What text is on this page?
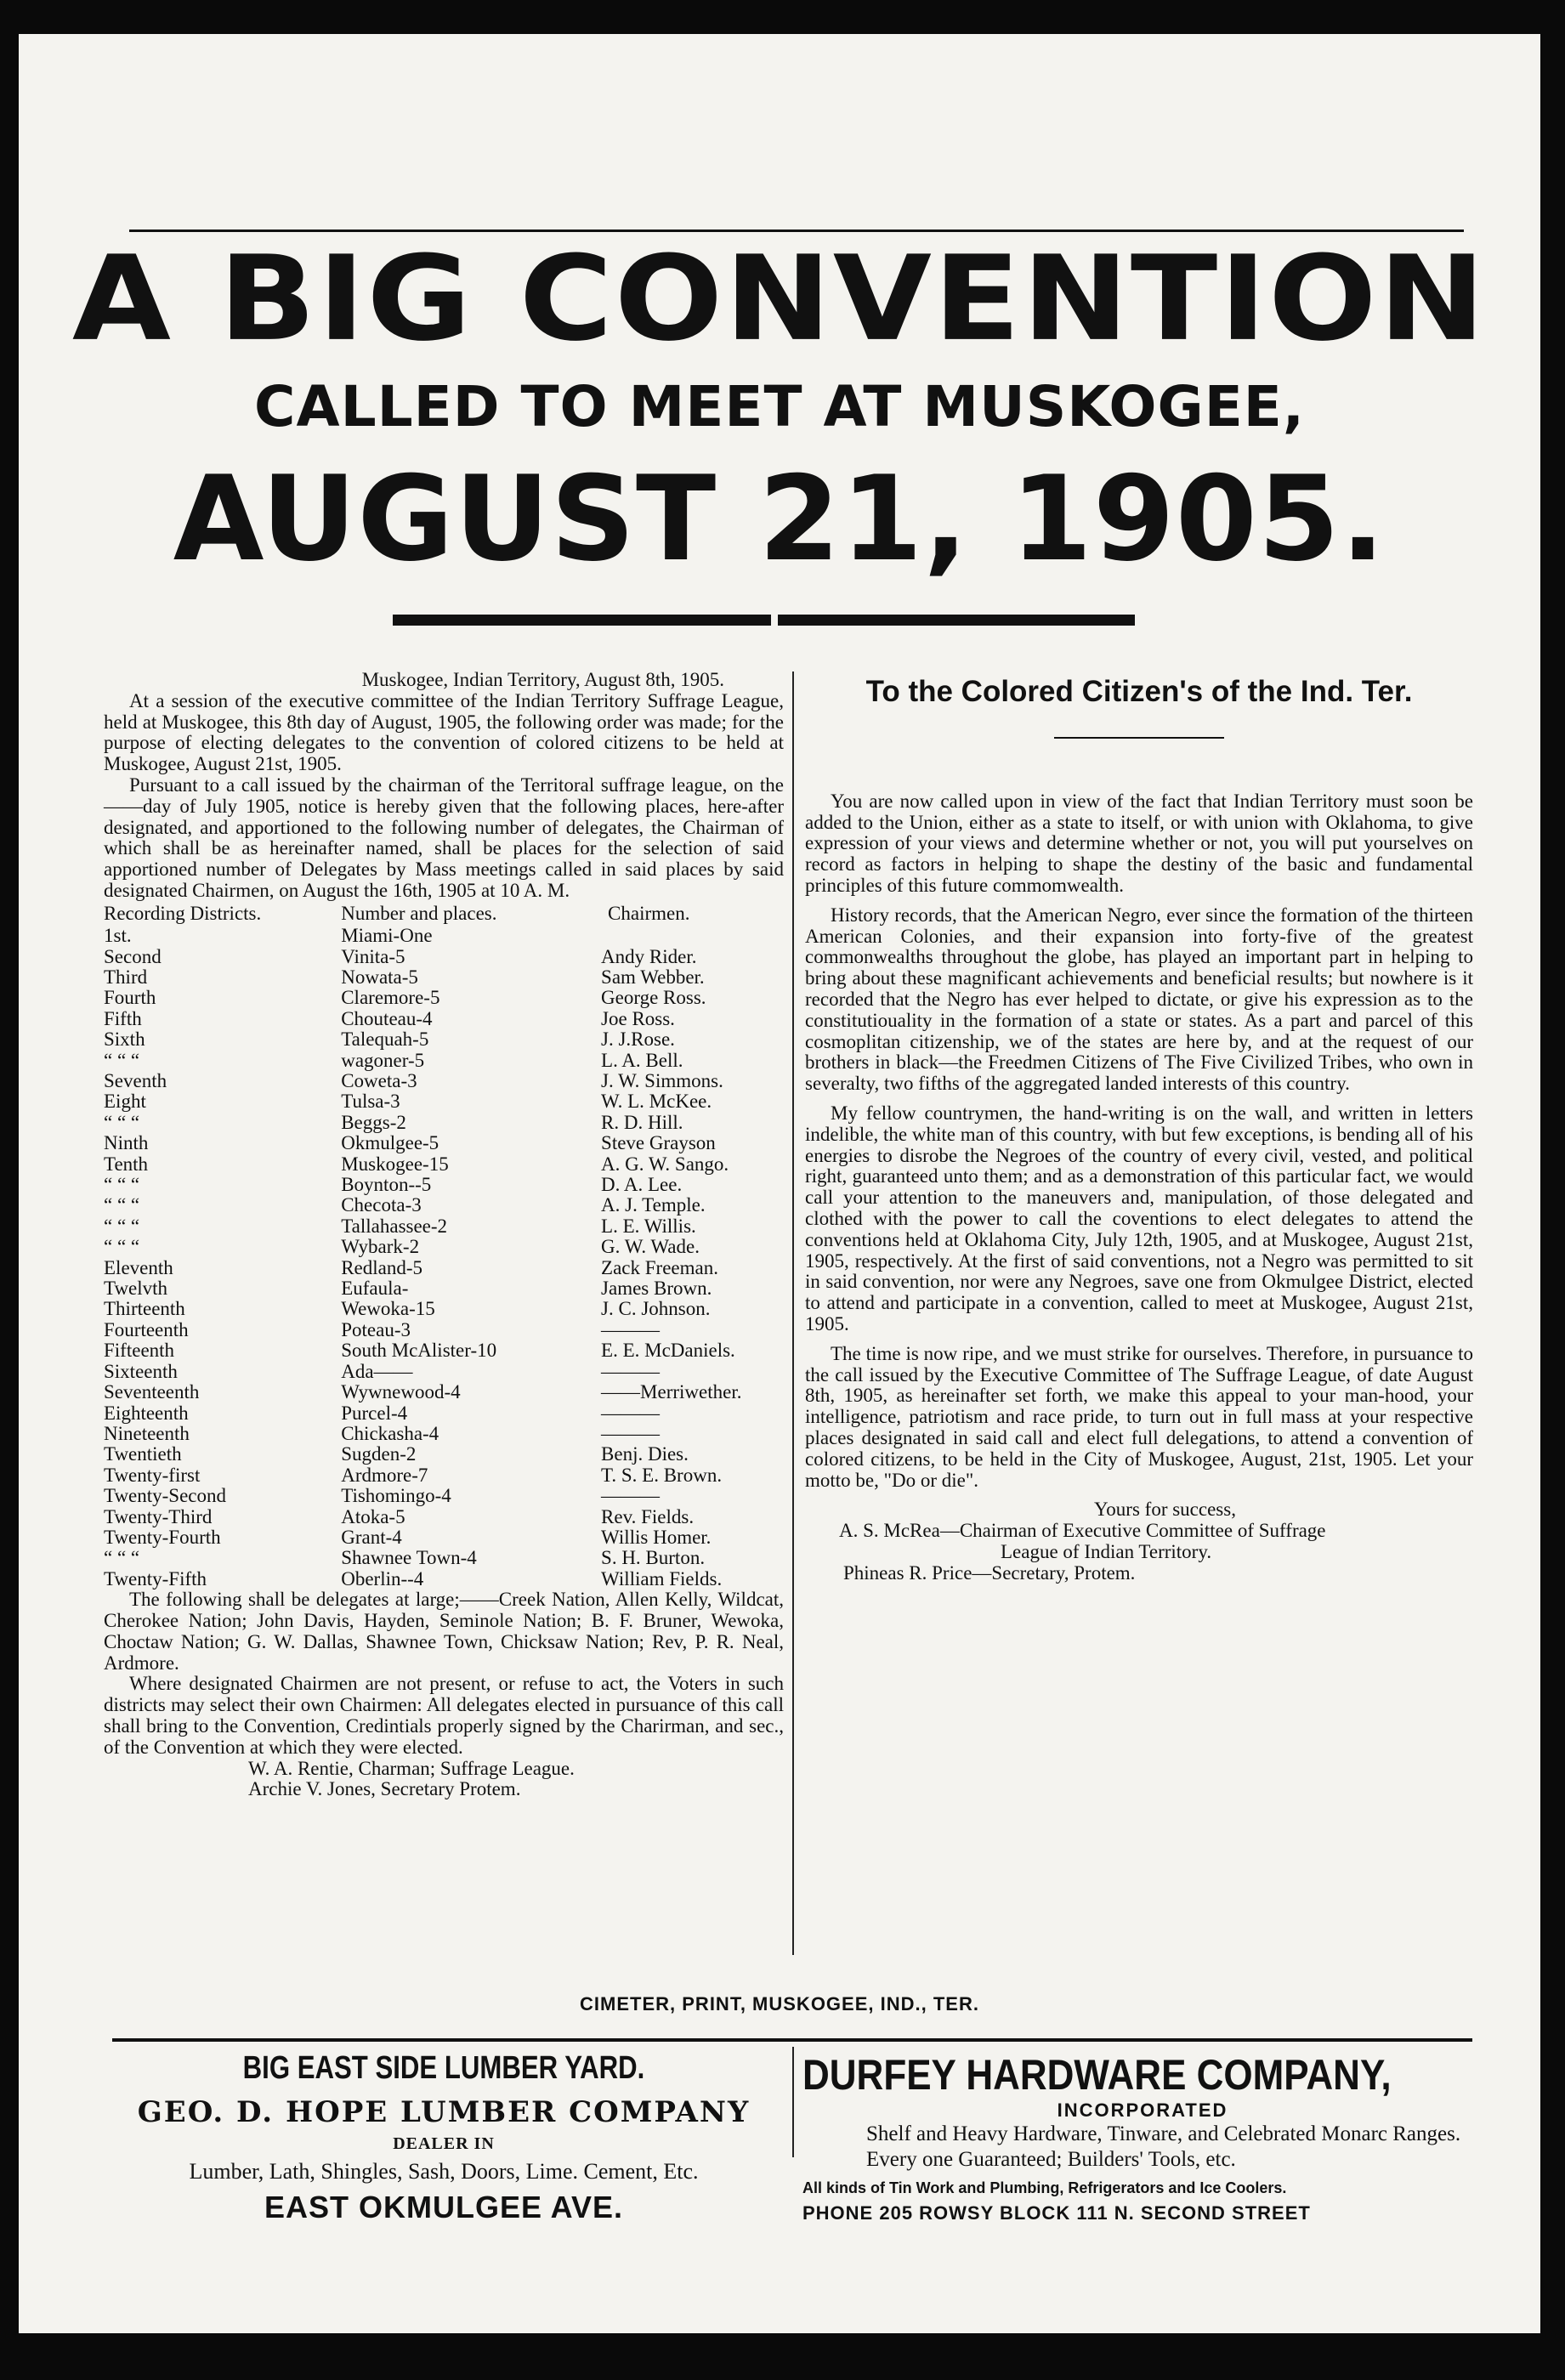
A BIG CONVENTION
CALLED TO MEET AT MUSKOGEE,
AUGUST 21, 1905.

Muskogee, Indian Territory, August 8th, 1905.

At a session of the executive committee of the Indian Territory Suffrage League, held at Muskogee, this 8th day of August, 1905, the following order was made; for the purpose of electing delegates to the convention of colored citizens to be held at Muskogee, August 21st, 1905.

Pursuant to a call issued by the chairman of the Territoral suffrage league, on the——day of July 1905, notice is hereby given that the following places, here-after designated, and apportioned to the following number of delegates, the Chairman of which shall be as hereinafter named, shall be places for the selection of said apportioned number of Delegates by Mass meetings called in said places by said designated Chairmen, on August the 16th, 1905 at 10 A. M.

Recording Districts.	Number and places.	Chairmen.
1st.	Miami-One	
Second	Vinita-5	Andy Rider.
Third	Nowata-5	Sam Webber.
Fourth	Claremore-5	George Ross.
Fifth	Chouteau-4	Joe Ross.
Sixth	Talequah-5	J. J.Rose.
“ “ “	wagoner-5	L. A. Bell.
Seventh	Coweta-3	J. W. Simmons.
Eight	Tulsa-3	W. L. McKee.
“ “ “	Beggs-2	R. D. Hill.
Ninth	Okmulgee-5	Steve Grayson
Tenth	Muskogee-15	A. G. W. Sango.
“ “ “	Boynton--5	D. A. Lee.
“ “ “	Checota-3	A. J. Temple.
“ “ “	Tallahassee-2	L. E. Willis.
“ “ “	Wybark-2	G. W. Wade.
Eleventh	Redland-5	Zack Freeman.
Twelvth	Eufaula-	James Brown.
Thirteenth	Wewoka-15	J. C. Johnson.
Fourteenth	Poteau-3	———
Fifteenth	South McAlister-10	E. E. McDaniels.
Sixteenth	Ada——	———
Seventeenth	Wywnewood-4	——Merriwether.
Eighteenth	Purcel-4	———
Nineteenth	Chickasha-4	———
Twentieth	Sugden-2	Benj. Dies.
Twenty-first	Ardmore-7	T. S. E. Brown.
Twenty-Second	Tishomingo-4	———
Twenty-Third	Atoka-5	Rev. Fields.
Twenty-Fourth	Grant-4	Willis Homer.
“ “ “	Shawnee Town-4	S. H. Burton.
Twenty-Fifth	Oberlin--4	William Fields.

The following shall be delegates at large;——Creek Nation, Allen Kelly, Wildcat, Cherokee Nation; John Davis, Hayden, Seminole Nation; B. F. Bruner, Wewoka, Choctaw Nation; G. W. Dallas, Shawnee Town, Chicksaw Nation; Rev, P. R. Neal, Ardmore.

Where designated Chairmen are not present, or refuse to act, the Voters in such districts may select their own Chairmen: All delegates elected in pursuance of this call shall bring to the Convention, Credintials properly signed by the Charirman, and sec., of the Convention at which they were elected.

W. A. Rentie, Charman; Suffrage League.

Archie V. Jones, Secretary Protem.

To the Colored Citizen's of the Ind. Ter.

You are now called upon in view of the fact that Indian Territory must soon be added to the Union, either as a state to itself, or with union with Oklahoma, to give expression of your views and determine whether or not, you will put yourselves on record as factors in helping to shape the destiny of the basic and fundamental principles of this future commomwealth.

History records, that the American Negro, ever since the formation of the thirteen American Colonies, and their expansion into forty-five of the greatest commonwealths throughout the globe, has played an important part in helping to bring about these magnificant achievements and beneficial results; but nowhere is it recorded that the Negro has ever helped to dictate, or give his expression as to the constitutiouality in the formation of a state or states. As a part and parcel of this cosmoplitan citizenship, we of the states are here by, and at the request of our brothers in black—the Freedmen Citizens of The Five Civilized Tribes, who own in severalty, two fifths of the aggregated landed interests of this country.

My fellow countrymen, the hand-writing is on the wall, and written in letters indelible, the white man of this country, with but few exceptions, is bending all of his energies to disrobe the Negroes of the country of every civil, vested, and political right, guaranteed unto them; and as a demonstration of this particular fact, we would call your attention to the maneuvers and, manipulation, of those delegated and clothed with the power to call the coventions to elect delegates to attend the conventions held at Oklahoma City, July 12th, 1905, and at Muskogee, August 21st, 1905, respectively. At the first of said conventions, not a Negro was permitted to sit in said convention, nor were any Negroes, save one from Okmulgee District, elected to attend and participate in a convention, called to meet at Muskogee, August 21st, 1905.

The time is now ripe, and we must strike for ourselves. Therefore, in pursuance to the call issued by the Executive Committee of The Suffrage League, of date August 8th, 1905, as hereinafter set forth, we make this appeal to your man-hood, your intelligence, patriotism and race pride, to turn out in full mass at your respective places designated in said call and elect full delegations, to attend a convention of colored citizens, to be held in the City of Muskogee, August, 21st, 1905. Let your motto be, "Do or die".

Yours for success,

A. S. McRea—Chairman of Executive Committee of Suffrage

League of Indian Territory.

Phineas R. Price—Secretary, Protem.

CIMETER, PRINT, MUSKOGEE, IND., TER.

BIG EAST SIDE LUMBER YARD.

GEO. D. HOPE LUMBER COMPANY

DEALER IN

Lumber, Lath, Shingles, Sash, Doors, Lime. Cement, Etc.

EAST OKMULGEE AVE.

DURFEY HARDWARE COMPANY,

INCORPORATED

Shelf and Heavy Hardware, Tinware, and Celebrated Monarc Ranges. Every one Guaranteed; Builders' Tools, etc.

All kinds of Tin Work and Plumbing, Refrigerators and Ice Coolers.

PHONE 205 ROWSY BLOCK 111 N. SECOND STREET
